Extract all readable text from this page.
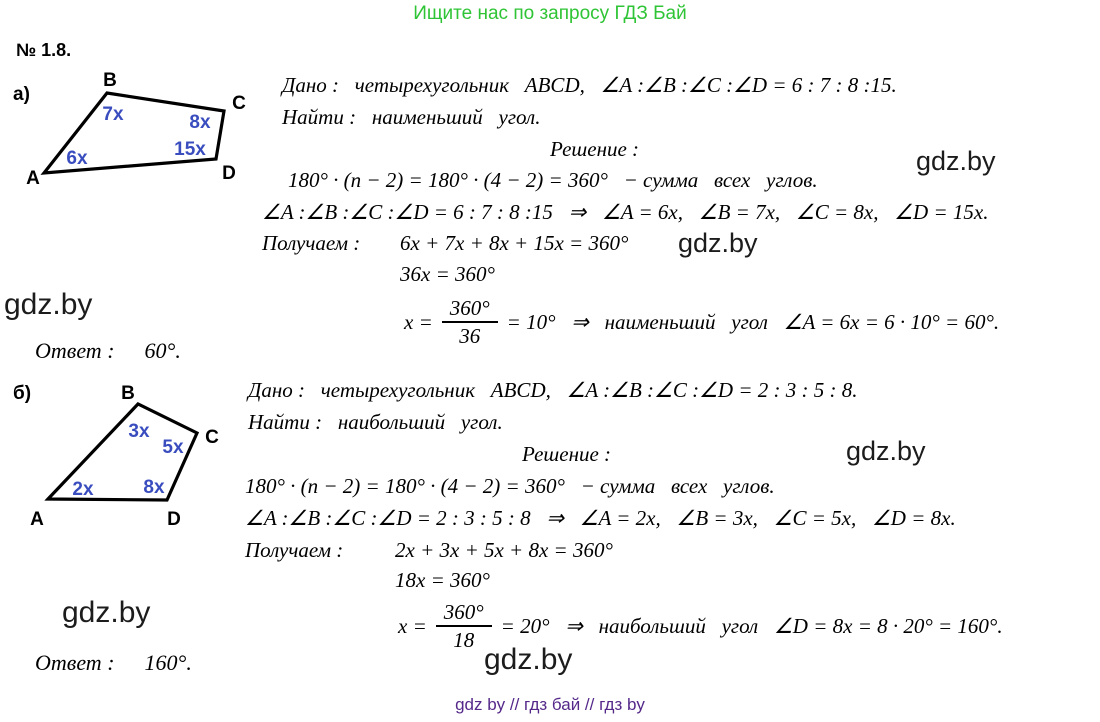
Ищите нас по запросу ГДЗ Бай
№ 1.8.
а)
A
B
C
D
6x
7x	8x
15x
Дано :   четырехугольник   ABCD,   ∠A :∠B :∠C :∠D = 6 : 7 : 8 :15.
Найти :   наименьший   угол.
Решение :
180° · (n − 2) = 180° · (4 − 2) = 360°   − сумма   всех   углов.
gdz.by
∠A :∠B :∠C :∠D = 6 : 7 : 8 :15   ⇒   ∠A = 6x,   ∠B = 7x,   ∠C = 8x,   ∠D = 15x.
Получаем : 6x + 7x + 8x + 15x = 360° gdz.by
36x = 360°
$x = \frac{360^\circ}{36} = 10^\circ$   ⇒   наименьший   угол   ∠A = 6x = 6 · 10° = 60°.
gdz.by
Ответ : 60°.
б)
A
B
C
D
2x
3x
5x
8x
Дано :   четырехугольник   ABCD,   ∠A :∠B :∠C :∠D = 2 : 3 : 5 : 8.
Найти :   наибольший   угол.
Решение :	gdz.by
180° · (n − 2) = 180° · (4 − 2) = 360°   − сумма   всех   углов.
∠A :∠B :∠C :∠D = 2 : 3 : 5 : 8   ⇒   ∠A = 2x,   ∠B = 3x,   ∠C = 5x,   ∠D = 8x.
Получаем : 2x + 3x + 5x + 8x = 360°
18x = 360°
$x = \frac{360^\circ}{18} = 20^\circ$   ⇒   наибольший   угол   ∠D = 8x = 8 · 20° = 160°.
gdz.by
gdz.by
Ответ : 160°.
gdz by // гдз бай // гдз by
